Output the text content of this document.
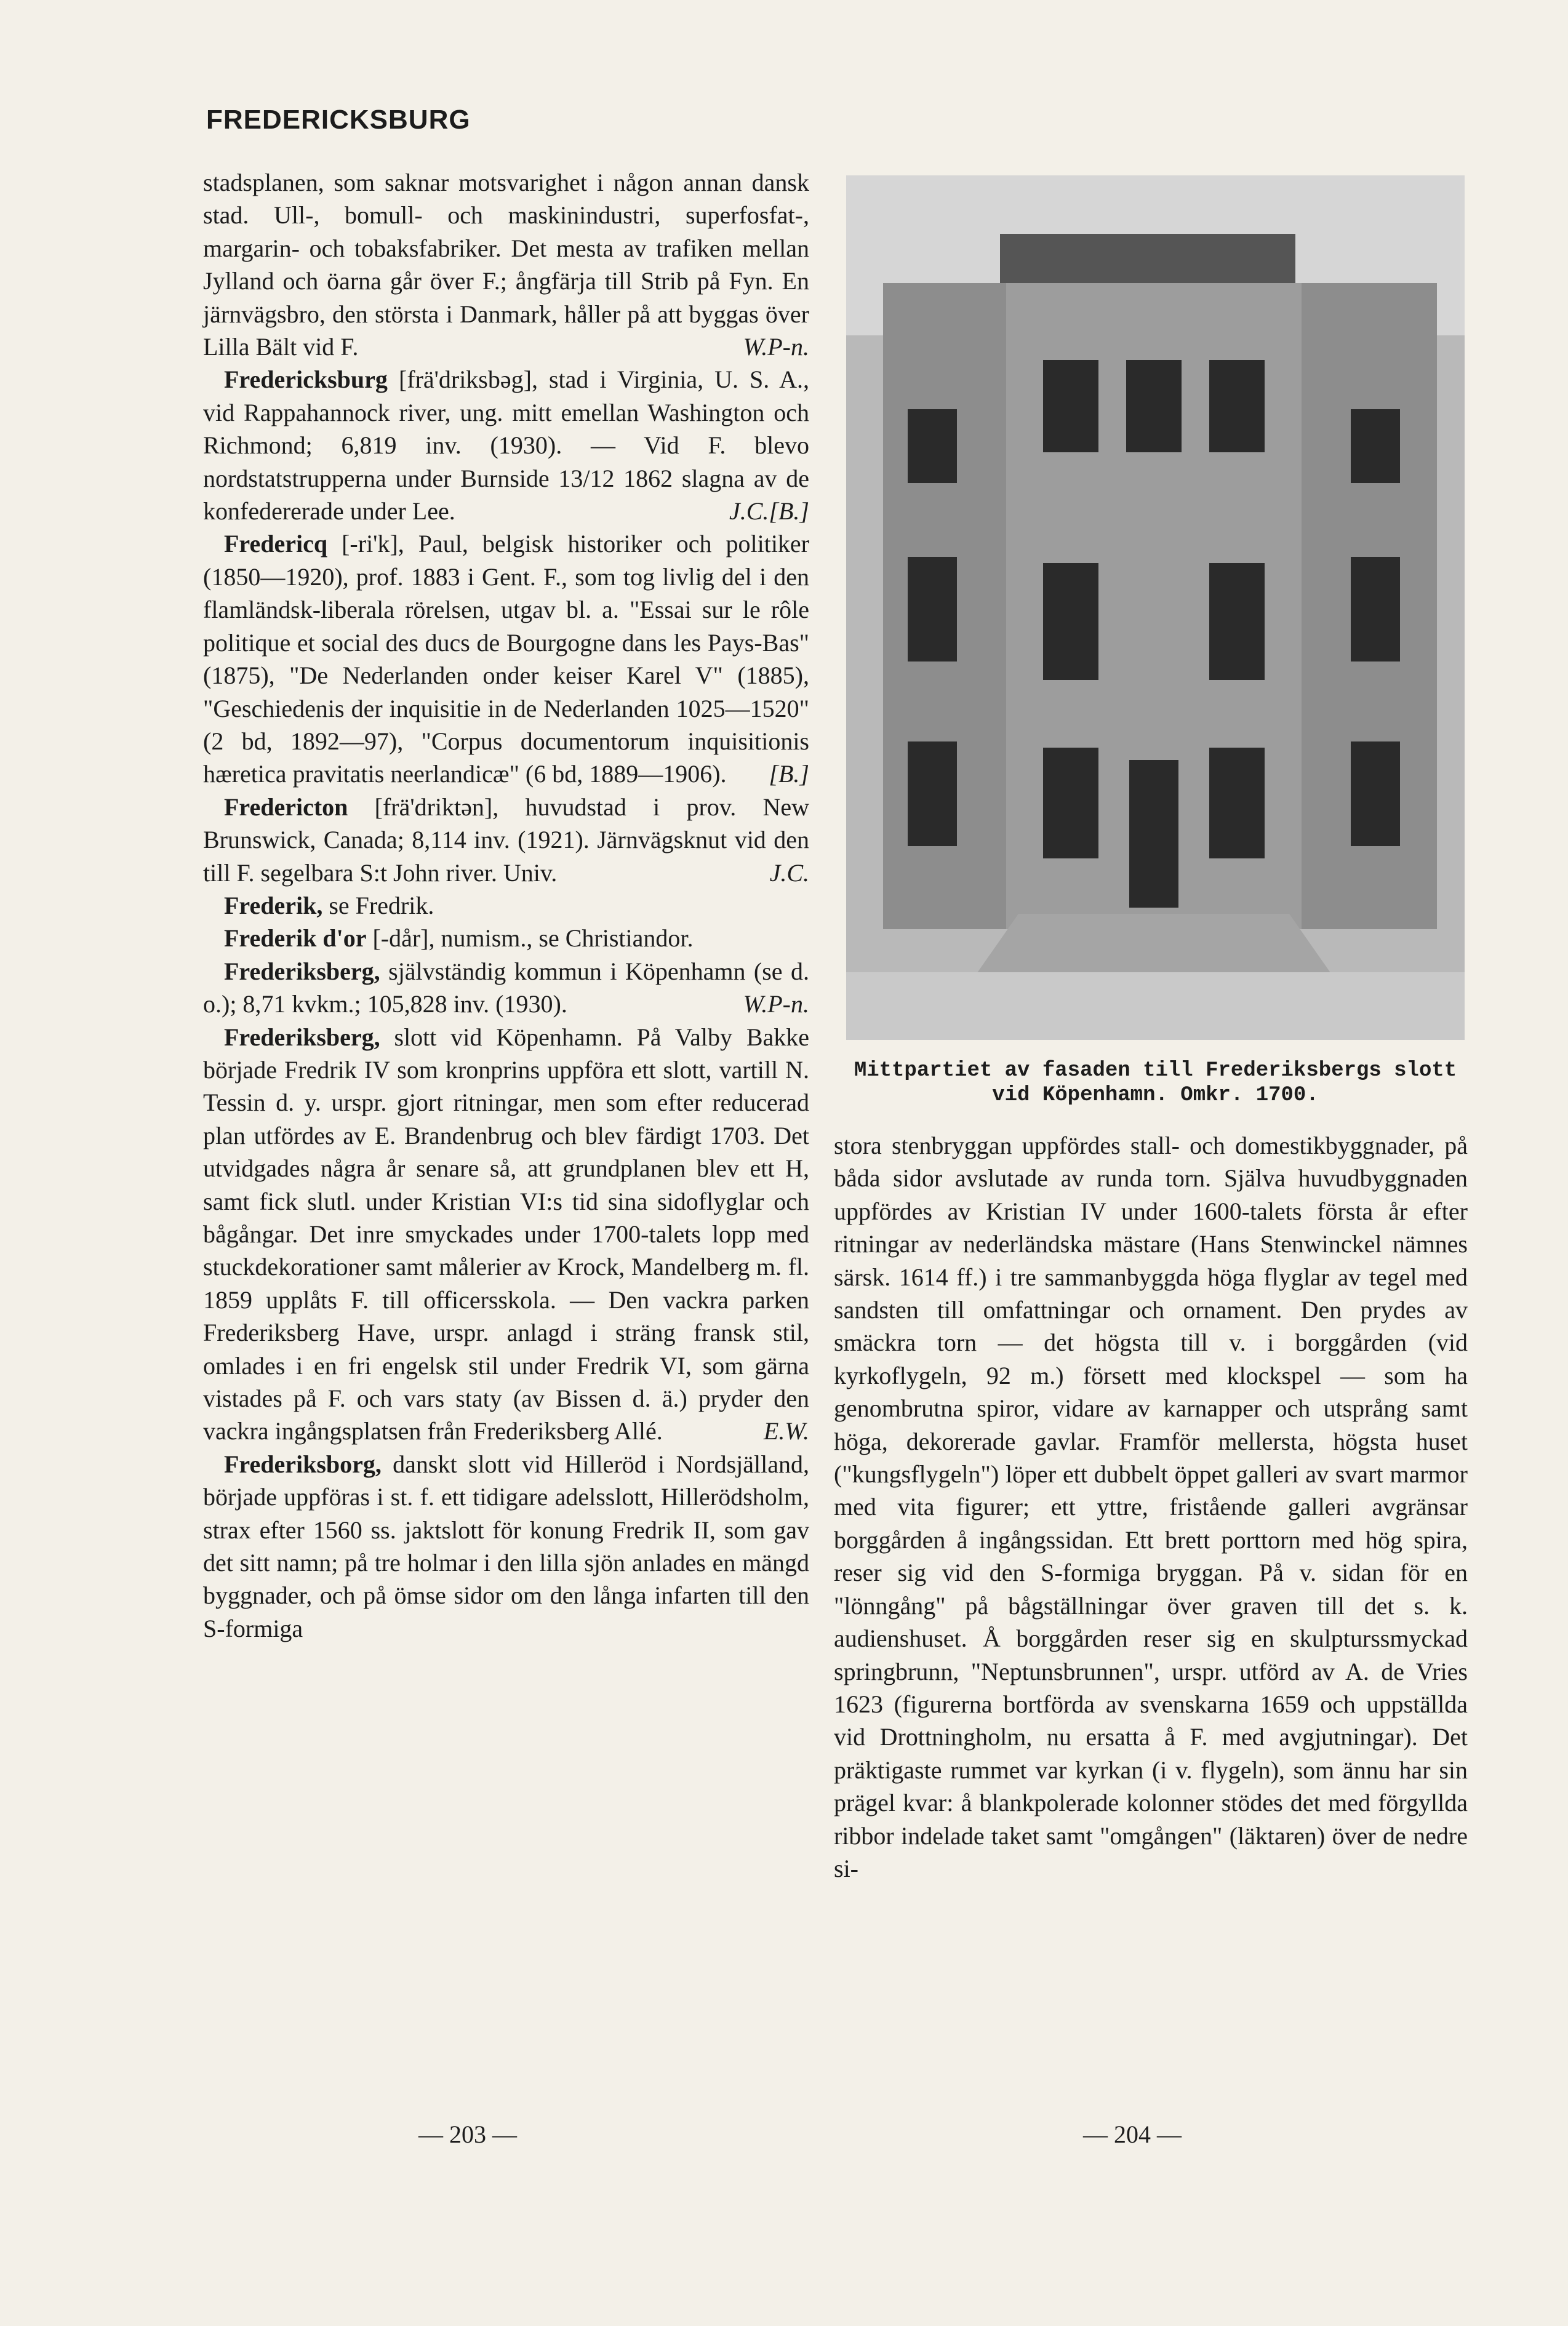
FREDERICKSBURG

stadsplanen, som saknar motsvarighet i någon annan dansk stad. Ull-, bomull- och maskinindustri, superfosfat-, margarin- och tobaksfabriker. Det mesta av trafiken mellan Jylland och öarna går över F.; ångfärja till Strib på Fyn. En järnvägsbro, den största i Danmark, håller på att byggas över Lilla Bält vid F.	W.P-n.

Fredericksburg [frä'driksbəg], stad i Virginia, U. S. A., vid Rappahannock river, ung. mitt emellan Washington och Richmond; 6,819 inv. (1930). — Vid F. blevo nordstatstrupperna under Burnside 13/12 1862 slagna av de konfedererade under Lee.	J.C.[B.]

Fredericq [-ri'k], Paul, belgisk historiker och politiker (1850—1920), prof. 1883 i Gent. F., som tog livlig del i den flamländsk-liberala rörelsen, utgav bl. a. "Essai sur le rôle politique et social des ducs de Bourgogne dans les Pays-Bas" (1875), "De Nederlanden onder keiser Karel V" (1885), "Geschiedenis der inquisitie in de Nederlanden 1025—1520" (2 bd, 1892—97), "Corpus documentorum inquisitionis hæretica pravitatis neerlandicæ" (6 bd, 1889—1906).	[B.]

Fredericton [frä'driktən], huvudstad i prov. New Brunswick, Canada; 8,114 inv. (1921). Järnvägsknut vid den till F. segelbara S:t John river. Univ.	J.C.

Frederik, se Fredrik.

Frederik d'or [-dår], numism., se Christiandor.

Frederiksberg, självständig kommun i Köpenhamn (se d. o.); 8,71 kvkm.; 105,828 inv. (1930).	W.P-n.

Frederiksberg, slott vid Köpenhamn. På Valby Bakke började Fredrik IV som kronprins uppföra ett slott, vartill N. Tessin d. y. urspr. gjort ritningar, men som efter reducerad plan utfördes av E. Brandenbrug och blev färdigt 1703. Det utvidgades några år senare så, att grundplanen blev ett H, samt fick slutl. under Kristian VI:s tid sina sidoflyglar och bågångar. Det inre smyckades under 1700-talets lopp med stuckdekorationer samt målerier av Krock, Mandelberg m. fl. 1859 upplåts F. till officersskola. — Den vackra parken Frederiksberg Have, urspr. anlagd i sträng fransk stil, omlades i en fri engelsk stil under Fredrik VI, som gärna vistades på F. och vars staty (av Bissen d. ä.) pryder den vackra ingångsplatsen från Frederiksberg Allé.	E.W.

Frederiksborg, danskt slott vid Hilleröd i Nordsjälland, började uppföras i st. f. ett tidigare adelsslott, Hillerödsholm, strax efter 1560 ss. jaktslott för konung Fredrik II, som gav det sitt namn; på tre holmar i den lilla sjön anlades en mängd byggnader, och på ömse sidor om den långa infarten till den S-formiga

Mittpartiet av fasaden till Frederiksbergs slott vid Köpenhamn. Omkr. 1700.

stora stenbryggan uppfördes stall- och domestikbyggnader, på båda sidor avslutade av runda torn. Själva huvudbyggnaden uppfördes av Kristian IV under 1600-talets första år efter ritningar av nederländska mästare (Hans Stenwinckel nämnes särsk. 1614 ff.) i tre sammanbyggda höga flyglar av tegel med sandsten till omfattningar och ornament. Den prydes av smäckra torn — det högsta till v. i borggården (vid kyrkoflygeln, 92 m.) försett med klockspel — som ha genombrutna spiror, vidare av karnapper och utsprång samt höga, dekorerade gavlar. Framför mellersta, högsta huset ("kungsflygeln") löper ett dubbelt öppet galleri av svart marmor med vita figurer; ett yttre, fristående galleri avgränsar borggården å ingångssidan. Ett brett porttorn med hög spira, reser sig vid den S-formiga bryggan. På v. sidan för en "lönngång" på bågställningar över graven till det s. k. audienshuset. Å borggården reser sig en skulpturssmyckad springbrunn, "Neptunsbrunnen", urspr. utförd av A. de Vries 1623 (figurerna bortförda av svenskarna 1659 och uppställda vid Drottningholm, nu ersatta å F. med avgjutningar). Det präktigaste rummet var kyrkan (i v. flygeln), som ännu har sin prägel kvar: å blankpolerade kolonner stödes det med förgyllda ribbor indelade taket samt "omgången" (läktaren) över de nedre si-

— 203 —	— 204 —
